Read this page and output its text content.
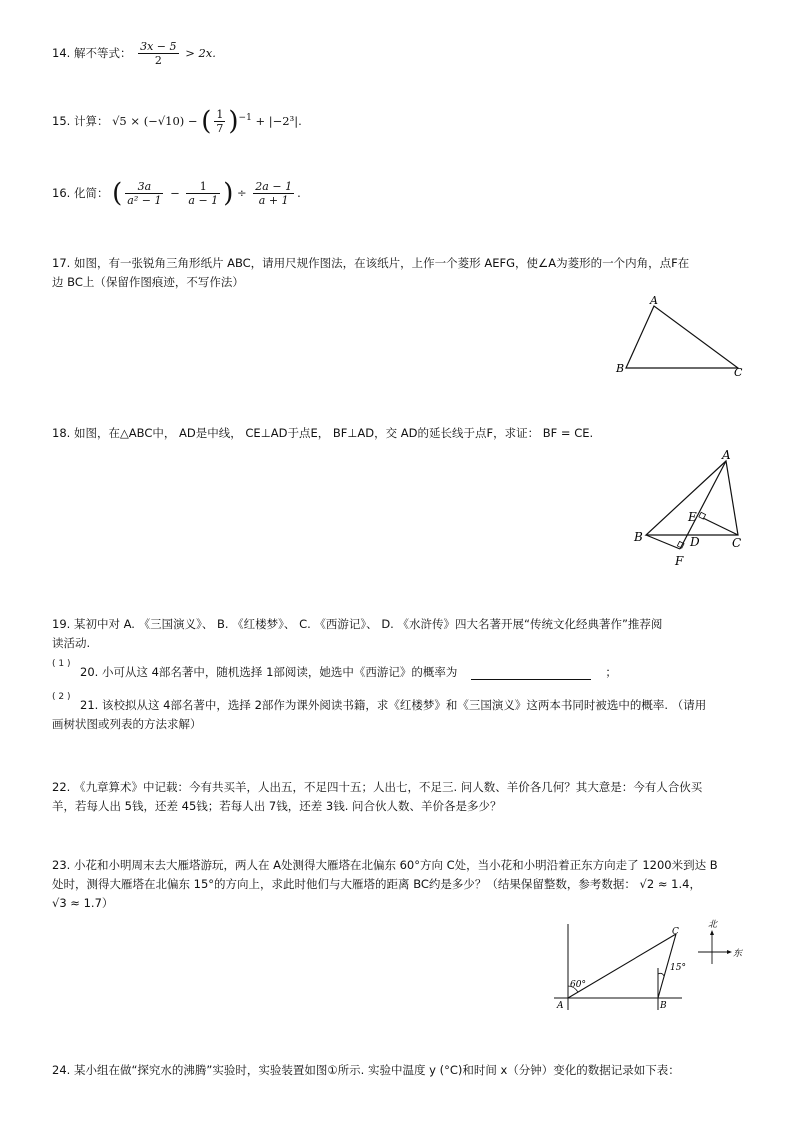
14. 解不等式： $\frac{3x - 5}{2} > 2x$.
15. 计算： √5 × (−√10) − ( $\frac{1}{7} )^{-1} + |-2^3|$.
16. 化简： ( $\frac{3a}{\text{a² − 1}} - \frac{1}{a - 1}$ ) ÷ $\frac{2a - 1}{a + 1}$ .
17. 如图，有一张锐角三角形纸片 ABC，请用尺规作图法，在该纸片，上作一个菱形 AEFG，使∠A为菱形的一个内角，点F在
边 BC上（保留作图痕迹，不写作法）
A
B	C
18. 如图，在△ABC中， AD是中线， CE⊥AD于点E， BF⊥AD，交 AD的延长线于点F，求证： BF = CE.
A
B	C
D
E
F
19. 某初中对 A. 《三国演义》、 B. 《红楼梦》、 C. 《西游记》、 D. 《水浒传》四大名著开展“传统文化经典著作”推荐阅
读活动.
( 1 )
20. 小可从这 4部名著中，随机选择 1部阅读，她选中《西游记》的概率为	；
( 2 )
21. 该校拟从这 4部名著中，选择 2部作为课外阅读书籍，求《红楼梦》和《三国演义》这两本书同时被选中的概率. （请用
画树状图或列表的方法求解）
22. 《九章算术》中记载：今有共买羊，人出五，不足四十五；人出七，不足三. 问人数、羊价各几何？其大意是：今有人合伙买
羊，若每人出 5钱，还差 45钱；若每人出 7钱，还差 3钱. 问合伙人数、羊价各是多少？
23. 小花和小明周末去大雁塔游玩，两人在 A处测得大雁塔在北偏东 60°方向 C处，当小花和小明沿着正东方向走了 1200米到达 B
处时，测得大雁塔在北偏东 15°的方向上，求此时他们与大雁塔的距离 BC约是多少？（结果保留整数，参考数据： √2 ≈ 1.4，
√3 ≈ 1.7）
60°
15°
A	B
C
北
东
24. 某小组在做“探究水的沸腾”实验时，实验装置如图①所示. 实验中温度 y (°C)和时间 x（分钟）变化的数据记录如下表：
